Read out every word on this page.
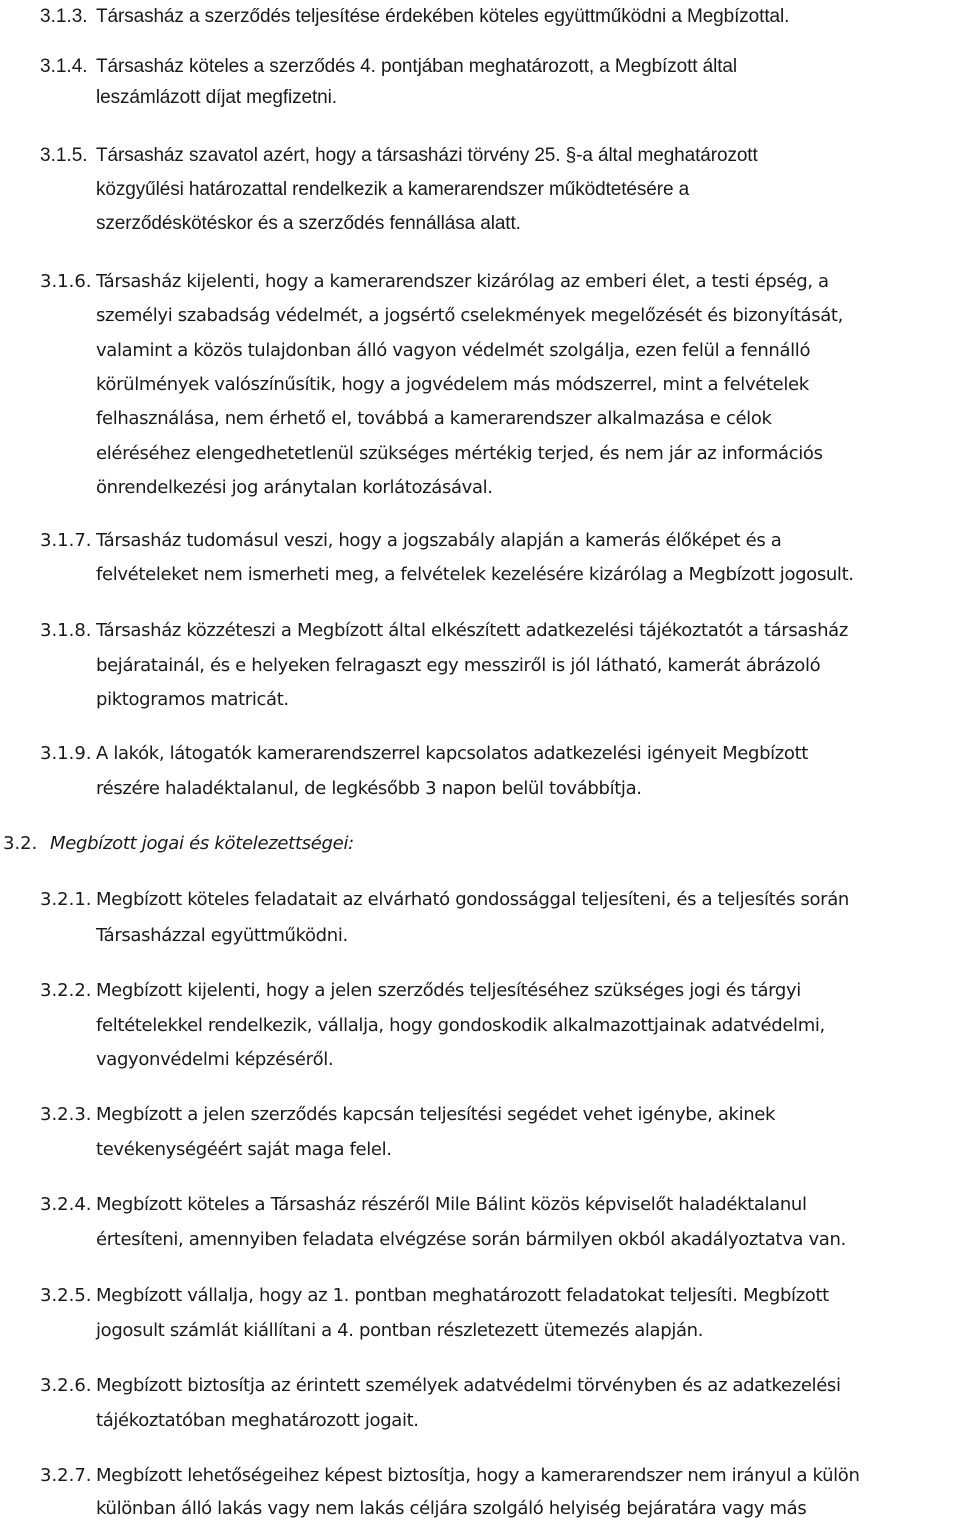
3.1.3. Társasház a szerződés teljesítése érdekében köteles együttműködni a Megbízottal.
3.1.4. Társasház köteles a szerződés 4. pontjában meghatározott, a Megbízott által
leszámlázott díjat megfizetni.
3.1.5. Társasház szavatol azért, hogy a társasházi törvény 25. §-a által meghatározott
közgyűlési határozattal rendelkezik a kamerarendszer működtetésére a
szerződéskötéskor és a szerződés fennállása alatt.
3.1.6. Társasház kijelenti, hogy a kamerarendszer kizárólag az emberi élet, a testi épség, a
személyi szabadság védelmét, a jogsértő cselekmények megelőzését és bizonyítását,
valamint a közös tulajdonban álló vagyon védelmét szolgálja, ezen felül a fennálló
körülmények valószínűsítik, hogy a jogvédelem más módszerrel, mint a felvételek
felhasználása, nem érhető el, továbbá a kamerarendszer alkalmazása e célok
eléréséhez elengedhetetlenül szükséges mértékig terjed, és nem jár az információs
önrendelkezési jog aránytalan korlátozásával.
3.1.7. Társasház tudomásul veszi, hogy a jogszabály alapján a kamerás élőképet és a
felvételeket nem ismerheti meg, a felvételek kezelésére kizárólag a Megbízott jogosult.
3.1.8. Társasház közzéteszi a Megbízott által elkészített adatkezelési tájékoztatót a társasház
bejáratainál, és e helyeken felragaszt egy messziről is jól látható, kamerát ábrázoló
piktogramos matricát.
3.1.9. A lakók, látogatók kamerarendszerrel kapcsolatos adatkezelési igényeit Megbízott
részére haladéktalanul, de legkésőbb 3 napon belül továbbítja.
3.2. Megbízott jogai és kötelezettségei:
3.2.1. Megbízott köteles feladatait az elvárható gondossággal teljesíteni, és a teljesítés során
Társasházzal együttműködni.
3.2.2. Megbízott kijelenti, hogy a jelen szerződés teljesítéséhez szükséges jogi és tárgyi
feltételekkel rendelkezik, vállalja, hogy gondoskodik alkalmazottjainak adatvédelmi,
vagyonvédelmi képzéséről.
3.2.3. Megbízott a jelen szerződés kapcsán teljesítési segédet vehet igénybe, akinek
tevékenységéért saját maga felel.
3.2.4. Megbízott köteles a Társasház részéről Mile Bálint közös képviselőt haladéktalanul
értesíteni, amennyiben feladata elvégzése során bármilyen okból akadályoztatva van.
3.2.5. Megbízott vállalja, hogy az 1. pontban meghatározott feladatokat teljesíti. Megbízott
jogosult számlát kiállítani a 4. pontban részletezett ütemezés alapján.
3.2.6. Megbízott biztosítja az érintett személyek adatvédelmi törvényben és az adatkezelési
tájékoztatóban meghatározott jogait.
3.2.7. Megbízott lehetőségeihez képest biztosítja, hogy a kamerarendszer nem irányul a külön
különban álló lakás vagy nem lakás céljára szolgáló helyiség bejáratára vagy más
